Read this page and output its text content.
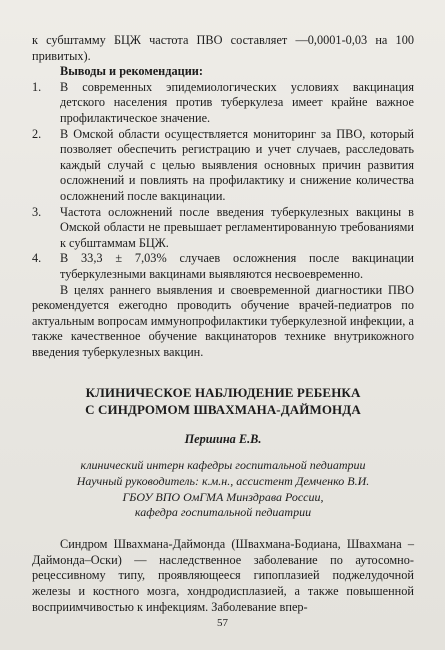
к субштамму БЦЖ частота ПВО составляет —0,0001-0,03 на 100 привитых).

Выводы и рекомендации:

1.	В современных эпидемиологических условиях вакцинация детского населения против туберкулеза имеет крайне важное профилактическое значение.
2.	В Омской области осуществляется мониторинг за ПВО, который позволяет обеспечить регистрацию и учет случаев, расследовать каждый случай с целью выявления основных причин развития осложнений и повлиять на профилактику и снижение количества осложнений после вакцинации.
3.	Частота осложнений после введения туберкулезных вакцины в Омской области не превышает регламентированную требованиями к субштаммам БЦЖ.
4.	В 33,3 ± 7,03% случаев осложнения после вакцинации туберкулезными вакцинами выявляются несвоевременно.

В целях раннего выявления и своевременной диагностики ПВО рекомендуется ежегодно проводить обучение врачей-педиатров по актуальным вопросам иммунопрофилактики туберкулезной инфекции, а также качественное обучение вакцинаторов технике внутрикожного введения туберкулезных вакцин.

КЛИНИЧЕСКОЕ НАБЛЮДЕНИЕ РЕБЕНКА
С СИНДРОМОМ ШВАХМАНА-ДАЙМОНДА
Першина Е.В.
клинический интерн кафедры госпитальной педиатрии
Научный руководитель: к.м.н., ассистент Демченко В.И.
ГБОУ ВПО ОмГМА Минздрава России,
кафедра госпитальной педиатрии

Синдром Швахмана-Даймонда (Швахмана-Бодиана, Швахмана – Даймонда–Оски) — наследственное заболевание по аутосомно-рецессивному типу, проявляющееся гипоплазией поджелудочной железы и костного мозга, хондродисплазией, а также повышенной восприимчивостью к инфекциям. Заболевание впер-

57
